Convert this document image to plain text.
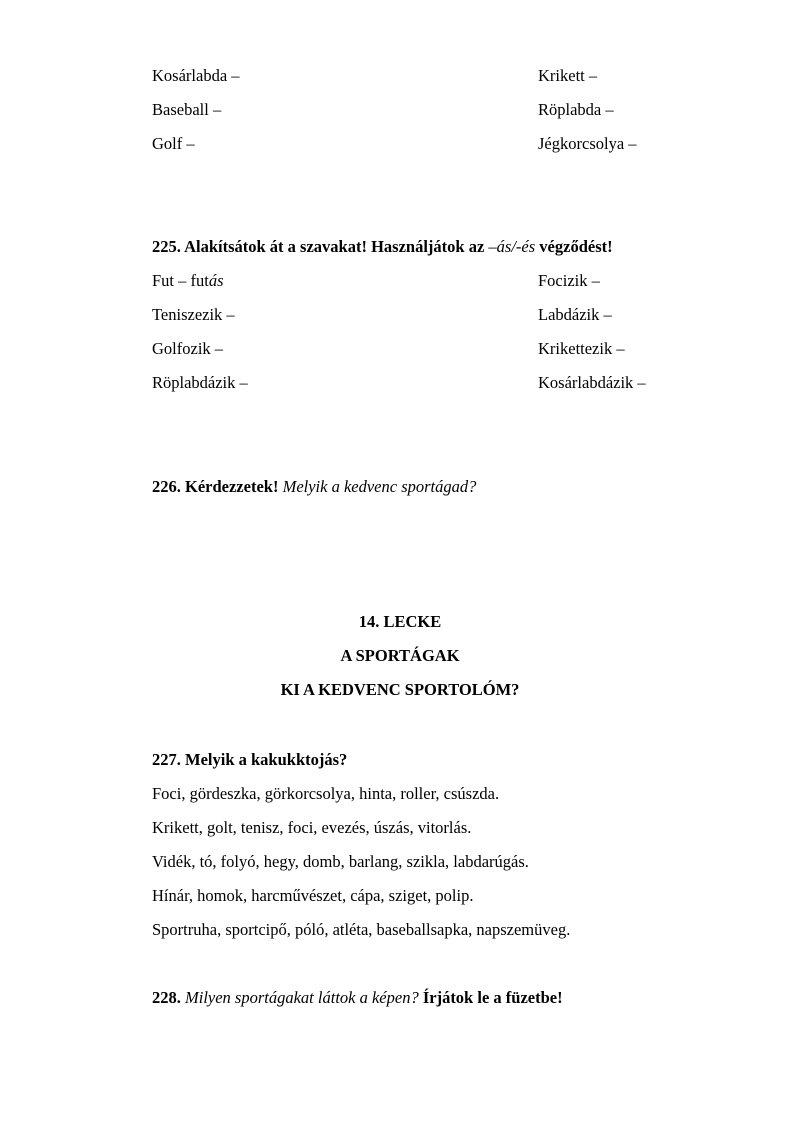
Kosárlabda –	Krikett –
Baseball –	Röplabda –
Golf –	Jégkorcsolya –
225. Alakítsátok át a szavakat! Használjátok az –ás/-és végződést!
Fut – futás	Focizik –
Teniszezik –	Labdázik –
Golfozik –	Krikettezik –
Röplabdázik –	Kosárlabdázik –
226. Kérdezzetek! Melyik a kedvenc sportágad?
14. LECKE
A SPORTÁGAK
KI A KEDVENC SPORTOLÓM?
227. Melyik a kakukktojás?
Foci, gördeszka, görkorcsolya, hinta, roller, csúszda.
Krikett, golt, tenisz, foci, evezés, úszás, vitorlás.
Vidék, tó, folyó, hegy, domb, barlang, szikla, labdarúgás.
Hínár, homok, harcművészet, cápa, sziget, polip.
Sportruha, sportcipő, póló, atléta, baseballsapka, napszemüveg.
228. Milyen sportágakat láttok a képen? Írjátok le a füzetbe!
